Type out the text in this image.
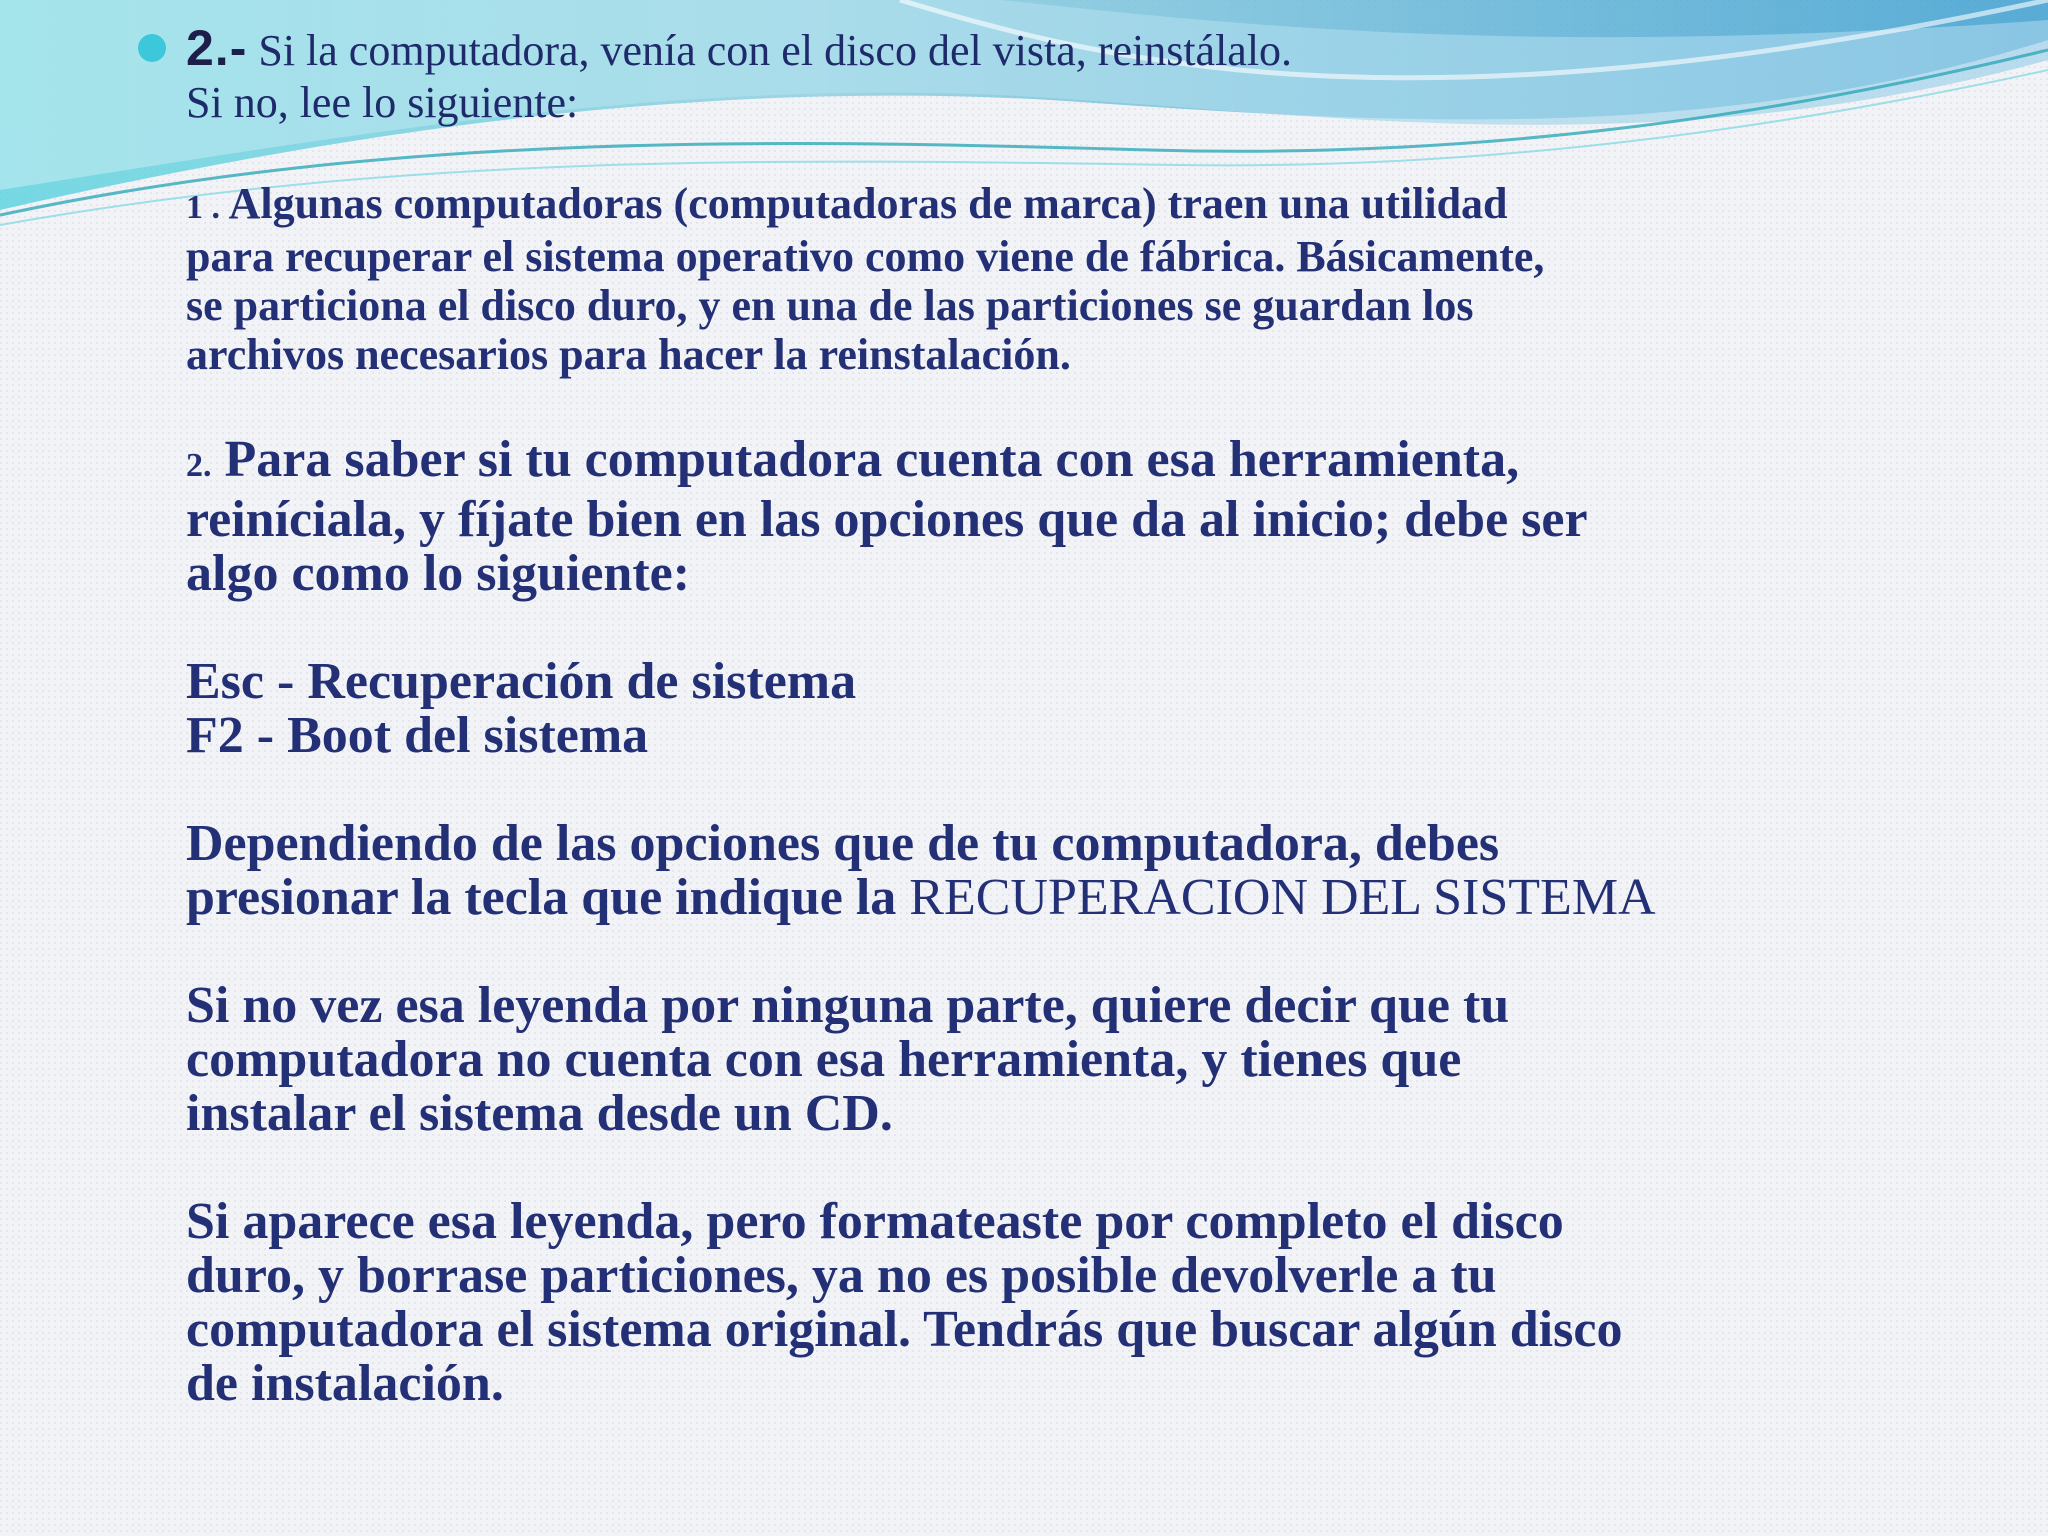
2.- Si la computadora, venía con el disco del vista, reinstálalo.
Si no, lee lo siguiente:
1 . Algunas computadoras (computadoras de marca) traen una utilidad
para recuperar el sistema operativo como viene de fábrica. Básicamente,
se particiona el disco duro, y en una de las particiones se guardan los
archivos necesarios para hacer la reinstalación.
2. Para saber si tu computadora cuenta con esa herramienta,
reiníciala, y fíjate bien en las opciones que da al inicio; debe ser
algo como lo siguiente:
Esc - Recuperación de sistema
F2 - Boot del sistema
Dependiendo de las opciones que de tu computadora, debes
presionar la tecla que indique la RECUPERACION DEL SISTEMA
Si no vez esa leyenda por ninguna parte, quiere decir que tu
computadora no cuenta con esa herramienta, y tienes que
instalar el sistema desde un CD.
Si aparece esa leyenda, pero formateaste por completo el disco
duro, y borrase particiones, ya no es posible devolverle a tu
computadora el sistema original. Tendrás que buscar algún disco
de instalación.
